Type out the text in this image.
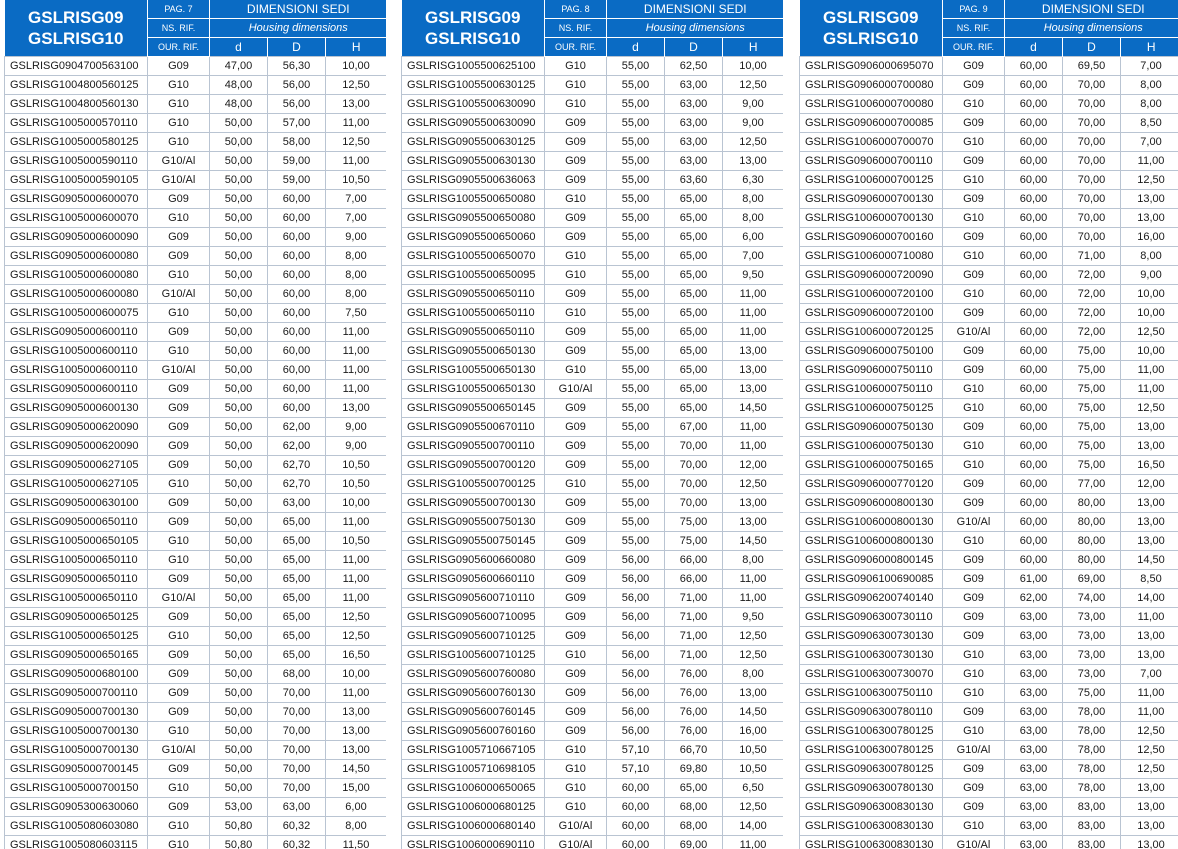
GSLRISG09
GSLRISG10	PAG. 7	DIMENSIONI SEDI		
	NS. RIF.	Housing dimensions		
	OUR. RIF.	d	D	H
GSLRISG0904700563100	G09	47,00	56,30	10,00
GSLRISG1004800560125	G10	48,00	56,00	12,50
GSLRISG1004800560130	G10	48,00	56,00	13,00
GSLRISG1005000570110	G10	50,00	57,00	11,00
GSLRISG1005000580125	G10	50,00	58,00	12,50
GSLRISG1005000590110	G10/Al	50,00	59,00	11,00
GSLRISG1005000590105	G10/Al	50,00	59,00	10,50
GSLRISG0905000600070	G09	50,00	60,00	7,00
GSLRISG1005000600070	G10	50,00	60,00	7,00
GSLRISG0905000600090	G09	50,00	60,00	9,00
GSLRISG0905000600080	G09	50,00	60,00	8,00
GSLRISG1005000600080	G10	50,00	60,00	8,00
GSLRISG1005000600080	G10/Al	50,00	60,00	8,00
GSLRISG1005000600075	G10	50,00	60,00	7,50
GSLRISG0905000600110	G09	50,00	60,00	11,00
GSLRISG1005000600110	G10	50,00	60,00	11,00
GSLRISG1005000600110	G10/Al	50,00	60,00	11,00
GSLRISG0905000600110	G09	50,00	60,00	11,00
GSLRISG0905000600130	G09	50,00	60,00	13,00
GSLRISG0905000620090	G09	50,00	62,00	9,00
GSLRISG0905000620090	G09	50,00	62,00	9,00
GSLRISG0905000627105	G09	50,00	62,70	10,50
GSLRISG1005000627105	G10	50,00	62,70	10,50
GSLRISG0905000630100	G09	50,00	63,00	10,00
GSLRISG0905000650110	G09	50,00	65,00	11,00
GSLRISG1005000650105	G10	50,00	65,00	10,50
GSLRISG1005000650110	G10	50,00	65,00	11,00
GSLRISG0905000650110	G09	50,00	65,00	11,00
GSLRISG1005000650110	G10/Al	50,00	65,00	11,00
GSLRISG0905000650125	G09	50,00	65,00	12,50
GSLRISG1005000650125	G10	50,00	65,00	12,50
GSLRISG0905000650165	G09	50,00	65,00	16,50
GSLRISG0905000680100	G09	50,00	68,00	10,00
GSLRISG0905000700110	G09	50,00	70,00	11,00
GSLRISG0905000700130	G09	50,00	70,00	13,00
GSLRISG1005000700130	G10	50,00	70,00	13,00
GSLRISG1005000700130	G10/Al	50,00	70,00	13,00
GSLRISG0905000700145	G09	50,00	70,00	14,50
GSLRISG1005000700150	G10	50,00	70,00	15,00
GSLRISG0905300630060	G09	53,00	63,00	6,00
GSLRISG1005080603080	G10	50,80	60,32	8,00
GSLRISG1005080603115	G10	50,80	60,32	11,50
GSLRISG09
GSLRISG10	PAG. 8	DIMENSIONI SEDI		
	NS. RIF.	Housing dimensions		
	OUR. RIF.	d	D	H
GSLRISG1005500625100	G10	55,00	62,50	10,00
GSLRISG1005500630125	G10	55,00	63,00	12,50
GSLRISG1005500630090	G10	55,00	63,00	9,00
GSLRISG0905500630090	G09	55,00	63,00	9,00
GSLRISG0905500630125	G09	55,00	63,00	12,50
GSLRISG0905500630130	G09	55,00	63,00	13,00
GSLRISG0905500636063	G09	55,00	63,60	6,30
GSLRISG1005500650080	G10	55,00	65,00	8,00
GSLRISG0905500650080	G09	55,00	65,00	8,00
GSLRISG0905500650060	G09	55,00	65,00	6,00
GSLRISG1005500650070	G10	55,00	65,00	7,00
GSLRISG1005500650095	G10	55,00	65,00	9,50
GSLRISG0905500650110	G09	55,00	65,00	11,00
GSLRISG1005500650110	G10	55,00	65,00	11,00
GSLRISG0905500650110	G09	55,00	65,00	11,00
GSLRISG0905500650130	G09	55,00	65,00	13,00
GSLRISG1005500650130	G10	55,00	65,00	13,00
GSLRISG1005500650130	G10/Al	55,00	65,00	13,00
GSLRISG0905500650145	G09	55,00	65,00	14,50
GSLRISG0905500670110	G09	55,00	67,00	11,00
GSLRISG0905500700110	G09	55,00	70,00	11,00
GSLRISG0905500700120	G09	55,00	70,00	12,00
GSLRISG1005500700125	G10	55,00	70,00	12,50
GSLRISG0905500700130	G09	55,00	70,00	13,00
GSLRISG0905500750130	G09	55,00	75,00	13,00
GSLRISG0905500750145	G09	55,00	75,00	14,50
GSLRISG0905600660080	G09	56,00	66,00	8,00
GSLRISG0905600660110	G09	56,00	66,00	11,00
GSLRISG0905600710110	G09	56,00	71,00	11,00
GSLRISG0905600710095	G09	56,00	71,00	9,50
GSLRISG0905600710125	G09	56,00	71,00	12,50
GSLRISG1005600710125	G10	56,00	71,00	12,50
GSLRISG0905600760080	G09	56,00	76,00	8,00
GSLRISG0905600760130	G09	56,00	76,00	13,00
GSLRISG0905600760145	G09	56,00	76,00	14,50
GSLRISG0905600760160	G09	56,00	76,00	16,00
GSLRISG1005710667105	G10	57,10	66,70	10,50
GSLRISG1005710698105	G10	57,10	69,80	10,50
GSLRISG1006000650065	G10	60,00	65,00	6,50
GSLRISG1006000680125	G10	60,00	68,00	12,50
GSLRISG1006000680140	G10/Al	60,00	68,00	14,00
GSLRISG1006000690110	G10/Al	60,00	69,00	11,00
GSLRISG09
GSLRISG10	PAG. 9	DIMENSIONI SEDI		
	NS. RIF.	Housing dimensions		
	OUR. RIF.	d	D	H
GSLRISG0906000695070	G09	60,00	69,50	7,00
GSLRISG0906000700080	G09	60,00	70,00	8,00
GSLRISG1006000700080	G10	60,00	70,00	8,00
GSLRISG0906000700085	G09	60,00	70,00	8,50
GSLRISG1006000700070	G10	60,00	70,00	7,00
GSLRISG0906000700110	G09	60,00	70,00	11,00
GSLRISG1006000700125	G10	60,00	70,00	12,50
GSLRISG0906000700130	G09	60,00	70,00	13,00
GSLRISG1006000700130	G10	60,00	70,00	13,00
GSLRISG0906000700160	G09	60,00	70,00	16,00
GSLRISG1006000710080	G10	60,00	71,00	8,00
GSLRISG0906000720090	G09	60,00	72,00	9,00
GSLRISG1006000720100	G10	60,00	72,00	10,00
GSLRISG0906000720100	G09	60,00	72,00	10,00
GSLRISG1006000720125	G10/Al	60,00	72,00	12,50
GSLRISG0906000750100	G09	60,00	75,00	10,00
GSLRISG0906000750110	G09	60,00	75,00	11,00
GSLRISG1006000750110	G10	60,00	75,00	11,00
GSLRISG1006000750125	G10	60,00	75,00	12,50
GSLRISG0906000750130	G09	60,00	75,00	13,00
GSLRISG1006000750130	G10	60,00	75,00	13,00
GSLRISG1006000750165	G10	60,00	75,00	16,50
GSLRISG0906000770120	G09	60,00	77,00	12,00
GSLRISG0906000800130	G09	60,00	80,00	13,00
GSLRISG1006000800130	G10/Al	60,00	80,00	13,00
GSLRISG1006000800130	G10	60,00	80,00	13,00
GSLRISG0906000800145	G09	60,00	80,00	14,50
GSLRISG0906100690085	G09	61,00	69,00	8,50
GSLRISG0906200740140	G09	62,00	74,00	14,00
GSLRISG0906300730110	G09	63,00	73,00	11,00
GSLRISG0906300730130	G09	63,00	73,00	13,00
GSLRISG1006300730130	G10	63,00	73,00	13,00
GSLRISG1006300730070	G10	63,00	73,00	7,00
GSLRISG1006300750110	G10	63,00	75,00	11,00
GSLRISG0906300780110	G09	63,00	78,00	11,00
GSLRISG1006300780125	G10	63,00	78,00	12,50
GSLRISG1006300780125	G10/Al	63,00	78,00	12,50
GSLRISG0906300780125	G09	63,00	78,00	12,50
GSLRISG0906300780130	G09	63,00	78,00	13,00
GSLRISG0906300830130	G09	63,00	83,00	13,00
GSLRISG1006300830130	G10	63,00	83,00	13,00
GSLRISG1006300830130	G10/Al	63,00	83,00	13,00
